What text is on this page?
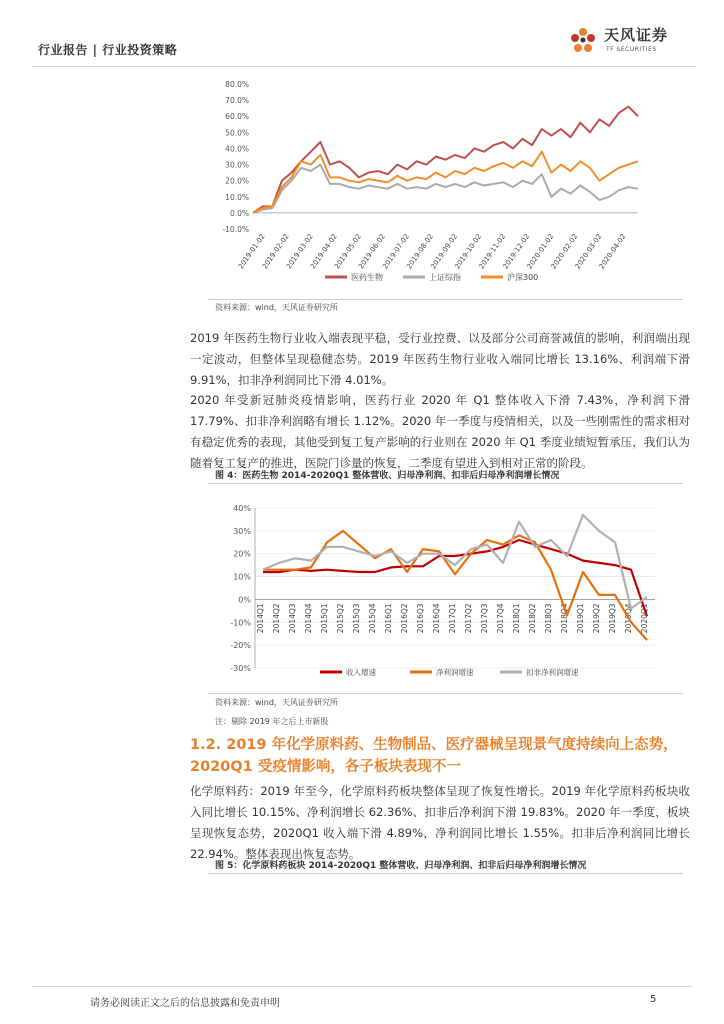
行业报告 | 行业投资策略
天风证券
TF SECURITIES
-10.0%
0.0%
10.0%
20.0%
30.0%
40.0%
50.0%
60.0%
70.0%
80.0%
2019-01-02
2019-02-02
2019-03-02
2019-04-02
2019-05-02
2019-06-02
2019-07-02
2019-08-02
2019-09-02
2019-10-02
2019-11-02
2019-12-02
2020-01-02
2020-02-02
2020-03-02
2020-04-02
医药生物	上证综指	沪深300
资料来源：wind，天风证券研究所

2019 年医药生物行业收入端表现平稳，受行业控费、以及部分公司商誉减值的影响，利润端出现一定波动，但整体呈现稳健态势。2019 年医药生物行业收入端同比增长 13.16%、利润端下滑 9.91%，扣非净利润同比下滑 4.01%。

2020 年受新冠肺炎疫情影响，医药行业 2020 年 Q1 整体收入下滑 7.43%，净利润下滑 17.79%、扣非净利润略有增长 1.12%。2020 年一季度与疫情相关，以及一些刚需性的需求相对有稳定优秀的表现，其他受到复工复产影响的行业则在 2020 年 Q1 季度业绩短暂承压，我们认为随着复工复产的推进，医院门诊量的恢复，二季度有望进入到相对正常的阶段。

图 4：医药生物 2014-2020Q1 整体营收、归母净利润、扣非后归母净利润增长情况
-30%
-20%
-10%
0%
10%
20%
30%
40%
2014Q1 2014Q2 2014Q3 2014Q4 2015Q1 2015Q2 2015Q3 2015Q4 2016Q1 2016Q2 2016Q3 2016Q4 2017Q1 2017Q2 2017Q3 2017Q4 2018Q1 2018Q2 2018Q3 2018Q4 2019Q1 2019Q2 2019Q3 2019Q4 2020Q1
收入增速	净利润增速	扣非净利润增速
资料来源：wind，天风证券研究所
注：剔除 2019 年之后上市新股
1.2. 2019 年化学原料药、生物制品、医疗器械呈现景气度持续向上态势，2020Q1 受疫情影响，各子板块表现不一

化学原料药：2019 年至今，化学原料药板块整体呈现了恢复性增长。2019 年化学原料药板块收入同比增长 10.15%、净利润增长 62.36%、扣非后净利润下滑 19.83%。2020 年一季度，板块呈现恢复态势，2020Q1 收入端下滑 4.89%，净利润同比增长 1.55%。扣非后净利润同比增长 22.94%。整体表现出恢复态势。

图 5：化学原料药板块 2014-2020Q1 整体营收、归母净利润、扣非后归母净利润增长情况
请务必阅读正文之后的信息披露和免责申明	5
